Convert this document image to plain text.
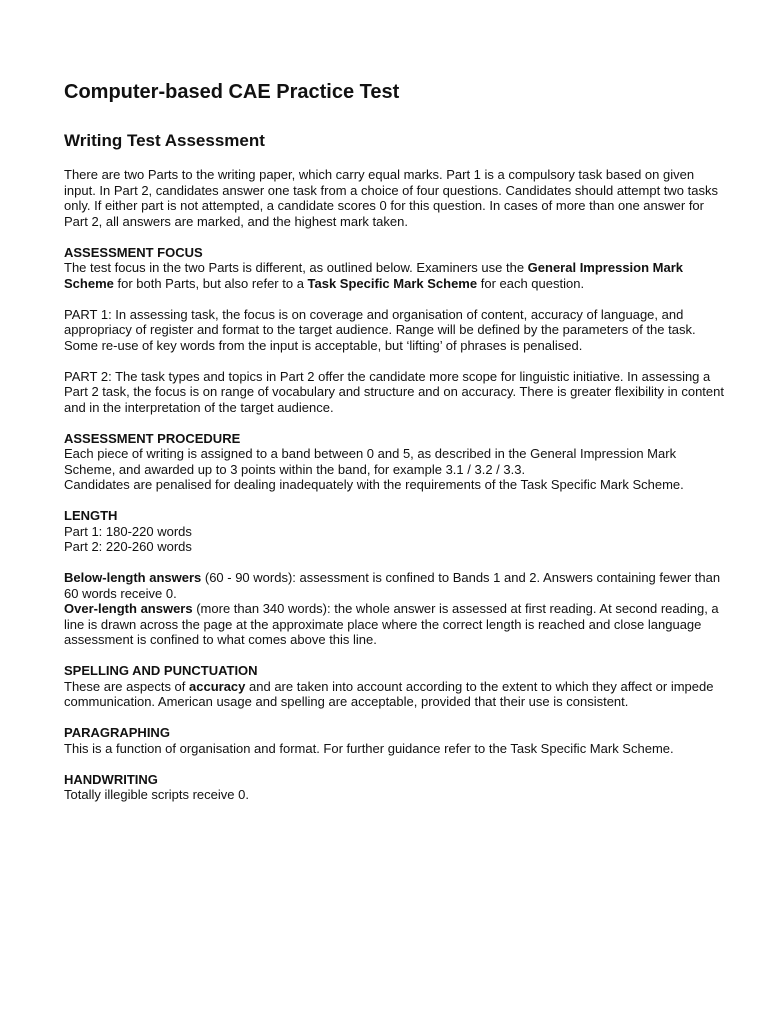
Computer-based CAE Practice Test
Writing Test Assessment

There are two Parts to the writing paper, which carry equal marks. Part 1 is a compulsory task based on given input. In Part 2, candidates answer one task from a choice of four questions. Candidates should attempt two tasks only. If either part is not attempted, a candidate scores 0 for this question. In cases of more than one answer for Part 2, all answers are marked, and the highest mark taken.

ASSESSMENT FOCUS
The test focus in the two Parts is different, as outlined below. Examiners use the General Impression Mark Scheme for both Parts, but also refer to a Task Specific Mark Scheme for each question.

PART 1: In assessing task, the focus is on coverage and organisation of content, accuracy of language, and appropriacy of register and format to the target audience. Range will be defined by the parameters of the task. Some re-use of key words from the input is acceptable, but ‘lifting’ of phrases is penalised.

PART 2: The task types and topics in Part 2 offer the candidate more scope for linguistic initiative. In assessing a Part 2 task, the focus is on range of vocabulary and structure and on accuracy. There is greater flexibility in content and in the interpretation of the target audience.

ASSESSMENT PROCEDURE
Each piece of writing is assigned to a band between 0 and 5, as described in the General Impression Mark Scheme, and awarded up to 3 points within the band, for example 3.1 / 3.2 / 3.3.
Candidates are penalised for dealing inadequately with the requirements of the Task Specific Mark Scheme.

LENGTH
Part 1: 180-220 words
Part 2: 220-260 words

Below-length answers (60 - 90 words): assessment is confined to Bands 1 and 2. Answers containing fewer than 60 words receive 0.
Over-length answers (more than 340 words): the whole answer is assessed at first reading. At second reading, a line is drawn across the page at the approximate place where the correct length is reached and close language assessment is confined to what comes above this line.

SPELLING AND PUNCTUATION
These are aspects of accuracy and are taken into account according to the extent to which they affect or impede communication. American usage and spelling are acceptable, provided that their use is consistent.

PARAGRAPHING
This is a function of organisation and format. For further guidance refer to the Task Specific Mark Scheme.

HANDWRITING
Totally illegible scripts receive 0.
